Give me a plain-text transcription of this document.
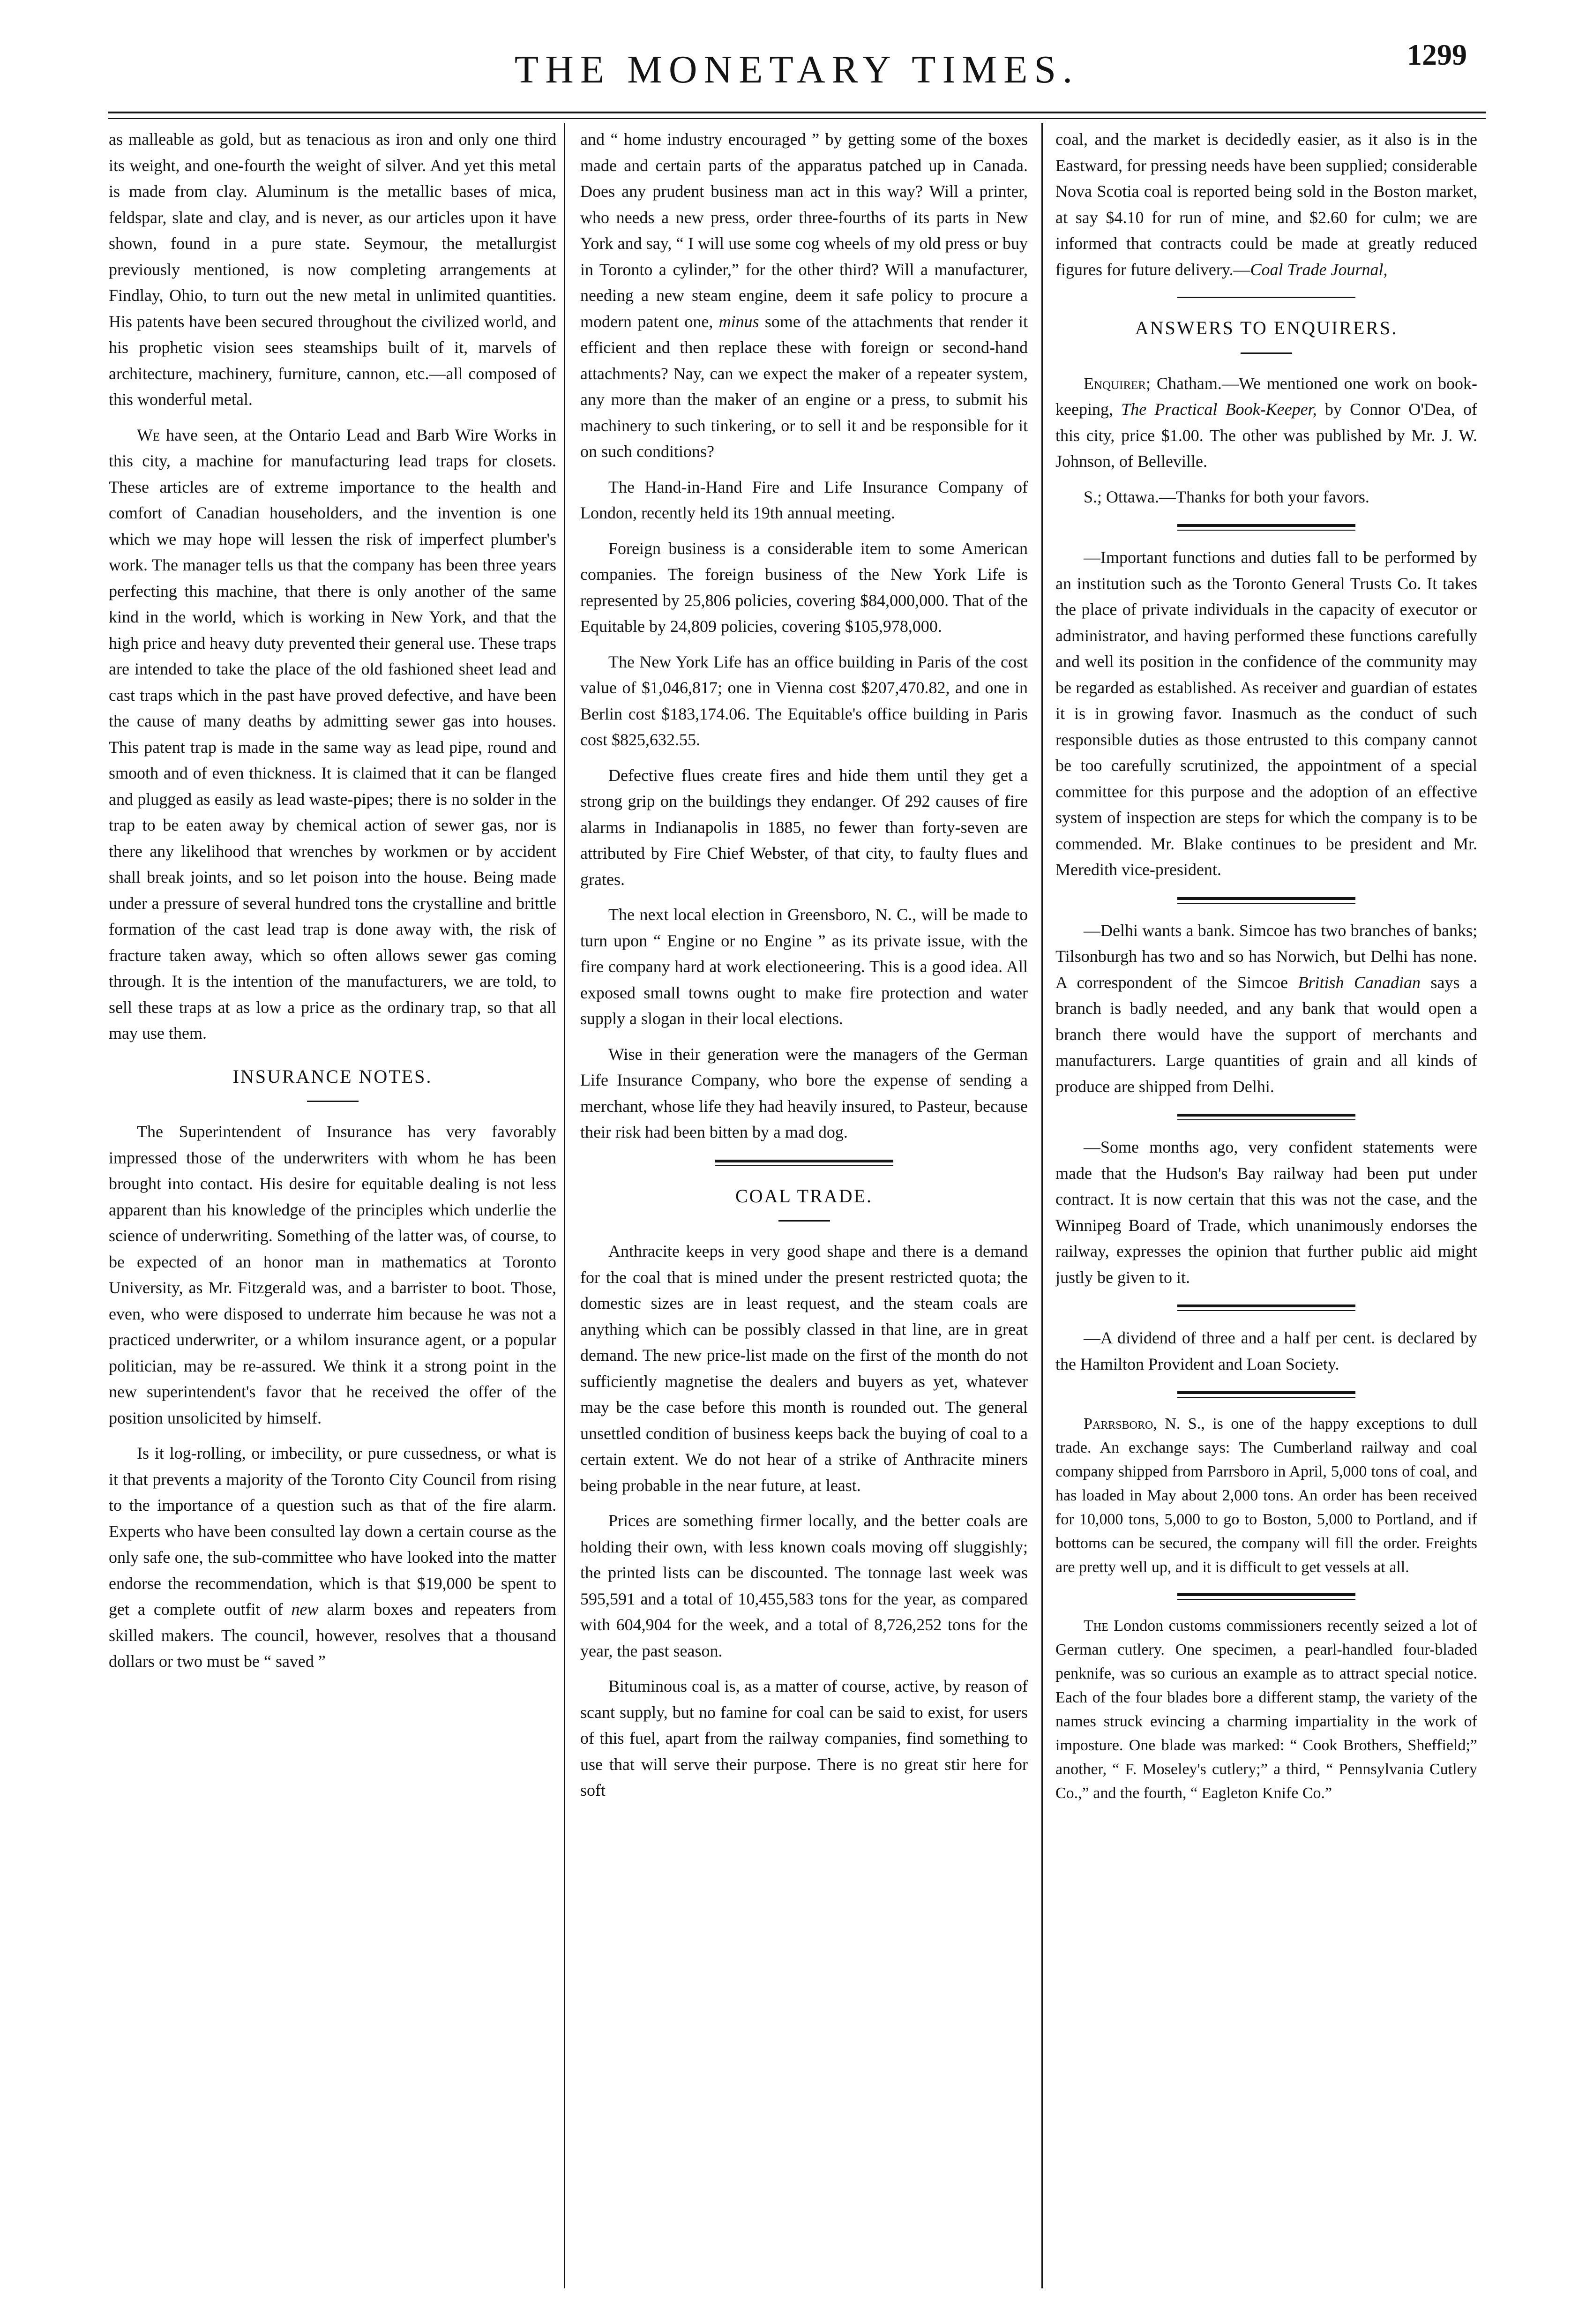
THE MONETARY TIMES.	1299

as malleable as gold, but as tenacious as iron and only one third its weight, and one-fourth the weight of silver. And yet this metal is made from clay. Aluminum is the metallic bases of mica, feldspar, slate and clay, and is never, as our articles upon it have shown, found in a pure state. Seymour, the metallurgist previously mentioned, is now completing arrangements at Findlay, Ohio, to turn out the new metal in unlimited quantities. His patents have been secured throughout the civilized world, and his prophetic vision sees steamships built of it, marvels of architecture, machinery, furniture, cannon, etc.—all composed of this wonderful metal.

We have seen, at the Ontario Lead and Barb Wire Works in this city, a machine for manufacturing lead traps for closets. These articles are of extreme importance to the health and comfort of Canadian householders, and the invention is one which we may hope will lessen the risk of imperfect plumber's work. The manager tells us that the company has been three years perfecting this machine, that there is only another of the same kind in the world, which is working in New York, and that the high price and heavy duty prevented their general use. These traps are intended to take the place of the old fashioned sheet lead and cast traps which in the past have proved defective, and have been the cause of many deaths by admitting sewer gas into houses. This patent trap is made in the same way as lead pipe, round and smooth and of even thickness. It is claimed that it can be flanged and plugged as easily as lead waste-pipes; there is no solder in the trap to be eaten away by chemical action of sewer gas, nor is there any likelihood that wrenches by workmen or by accident shall break joints, and so let poison into the house. Being made under a pressure of several hundred tons the crystalline and brittle formation of the cast lead trap is done away with, the risk of fracture taken away, which so often allows sewer gas coming through. It is the intention of the manufacturers, we are told, to sell these traps at as low a price as the ordinary trap, so that all may use them.

INSURANCE NOTES.

The Superintendent of Insurance has very favorably impressed those of the underwriters with whom he has been brought into contact. His desire for equitable dealing is not less apparent than his knowledge of the principles which underlie the science of underwriting. Something of the latter was, of course, to be expected of an honor man in mathematics at Toronto University, as Mr. Fitzgerald was, and a barrister to boot. Those, even, who were disposed to underrate him because he was not a practiced underwriter, or a whilom insurance agent, or a popular politician, may be re-assured. We think it a strong point in the new superintendent's favor that he received the offer of the position unsolicited by himself.

Is it log-rolling, or imbecility, or pure cussedness, or what is it that prevents a majority of the Toronto City Council from rising to the importance of a question such as that of the fire alarm. Experts who have been consulted lay down a certain course as the only safe one, the sub-committee who have looked into the matter endorse the recommendation, which is that $19,000 be spent to get a complete outfit of new alarm boxes and repeaters from skilled makers. The council, however, resolves that a thousand dollars or two must be “ saved ”

and “ home industry encouraged ” by getting some of the boxes made and certain parts of the apparatus patched up in Canada. Does any prudent business man act in this way? Will a printer, who needs a new press, order three-fourths of its parts in New York and say, “ I will use some cog wheels of my old press or buy in Toronto a cylinder,” for the other third? Will a manufacturer, needing a new steam engine, deem it safe policy to procure a modern patent one, minus some of the attachments that render it efficient and then replace these with foreign or second-hand attachments? Nay, can we expect the maker of a repeater system, any more than the maker of an engine or a press, to submit his machinery to such tinkering, or to sell it and be responsible for it on such conditions?

The Hand-in-Hand Fire and Life Insurance Company of London, recently held its 19th annual meeting.

Foreign business is a considerable item to some American companies. The foreign business of the New York Life is represented by 25,806 policies, covering $84,000,000. That of the Equitable by 24,809 policies, covering $105,978,000.

The New York Life has an office building in Paris of the cost value of $1,046,817; one in Vienna cost $207,470.82, and one in Berlin cost $183,174.06. The Equitable's office building in Paris cost $825,632.55.

Defective flues create fires and hide them until they get a strong grip on the buildings they endanger. Of 292 causes of fire alarms in Indianapolis in 1885, no fewer than forty-seven are attributed by Fire Chief Webster, of that city, to faulty flues and grates.

The next local election in Greensboro, N. C., will be made to turn upon “ Engine or no Engine ” as its private issue, with the fire company hard at work electioneering. This is a good idea. All exposed small towns ought to make fire protection and water supply a slogan in their local elections.

Wise in their generation were the managers of the German Life Insurance Company, who bore the expense of sending a merchant, whose life they had heavily insured, to Pasteur, because their risk had been bitten by a mad dog.

COAL TRADE.

Anthracite keeps in very good shape and there is a demand for the coal that is mined under the present restricted quota; the domestic sizes are in least request, and the steam coals are anything which can be possibly classed in that line, are in great demand. The new price-list made on the first of the month do not sufficiently magnetise the dealers and buyers as yet, whatever may be the case before this month is rounded out. The general unsettled condition of business keeps back the buying of coal to a certain extent. We do not hear of a strike of Anthracite miners being probable in the near future, at least.

Prices are something firmer locally, and the better coals are holding their own, with less known coals moving off sluggishly; the printed lists can be discounted. The tonnage last week was 595,591 and a total of 10,455,583 tons for the year, as compared with 604,904 for the week, and a total of 8,726,252 tons for the year, the past season.

Bituminous coal is, as a matter of course, active, by reason of scant supply, but no famine for coal can be said to exist, for users of this fuel, apart from the railway companies, find something to use that will serve their purpose. There is no great stir here for soft

coal, and the market is decidedly easier, as it also is in the Eastward, for pressing needs have been supplied; considerable Nova Scotia coal is reported being sold in the Boston market, at say $4.10 for run of mine, and $2.60 for culm; we are informed that contracts could be made at greatly reduced figures for future delivery.—Coal Trade Journal,

ANSWERS TO ENQUIRERS.

Enquirer; Chatham.—We mentioned one work on book-keeping, The Practical Book-Keeper, by Connor O'Dea, of this city, price $1.00. The other was published by Mr. J. W. Johnson, of Belleville.

S.; Ottawa.—Thanks for both your favors.

—Important functions and duties fall to be performed by an institution such as the Toronto General Trusts Co. It takes the place of private individuals in the capacity of executor or administrator, and having performed these functions carefully and well its position in the confidence of the community may be regarded as established. As receiver and guardian of estates it is in growing favor. Inasmuch as the conduct of such responsible duties as those entrusted to this company cannot be too carefully scrutinized, the appointment of a special committee for this purpose and the adoption of an effective system of inspection are steps for which the company is to be commended. Mr. Blake continues to be president and Mr. Meredith vice-president.

—Delhi wants a bank. Simcoe has two branches of banks; Tilsonburgh has two and so has Norwich, but Delhi has none. A correspondent of the Simcoe British Canadian says a branch is badly needed, and any bank that would open a branch there would have the support of merchants and manufacturers. Large quantities of grain and all kinds of produce are shipped from Delhi.

—Some months ago, very confident statements were made that the Hudson's Bay railway had been put under contract. It is now certain that this was not the case, and the Winnipeg Board of Trade, which unanimously endorses the railway, expresses the opinion that further public aid might justly be given to it.

—A dividend of three and a half per cent. is declared by the Hamilton Provident and Loan Society.

Parrsboro, N. S., is one of the happy exceptions to dull trade. An exchange says: The Cumberland railway and coal company shipped from Parrsboro in April, 5,000 tons of coal, and has loaded in May about 2,000 tons. An order has been received for 10,000 tons, 5,000 to go to Boston, 5,000 to Portland, and if bottoms can be secured, the company will fill the order. Freights are pretty well up, and it is difficult to get vessels at all.

The London customs commissioners recently seized a lot of German cutlery. One specimen, a pearl-handled four-bladed penknife, was so curious an example as to attract special notice. Each of the four blades bore a different stamp, the variety of the names struck evincing a charming impartiality in the work of imposture. One blade was marked: “ Cook Brothers, Sheffield;” another, “ F. Moseley's cutlery;” a third, “ Pennsylvania Cutlery Co.,” and the fourth, “ Eagleton Knife Co.”
